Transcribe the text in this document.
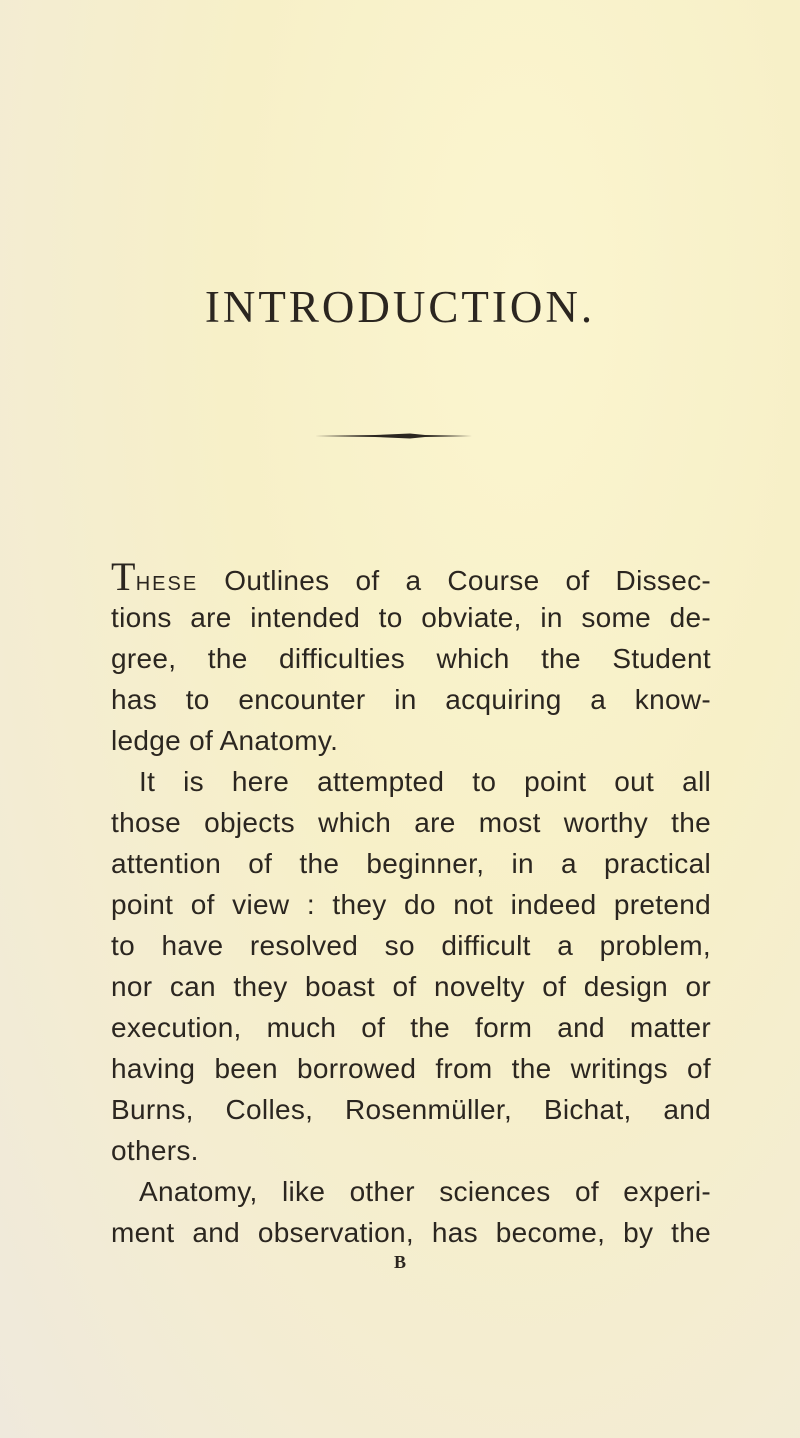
INTRODUCTION.
THESE Outlines of a Course of Dissec-
tions are intended to obviate, in some de-
gree, the difficulties which the Student
has to encounter in acquiring a know-
ledge of Anatomy.
It is here attempted to point out all
those objects which are most worthy the
attention of the beginner, in a practical
point of view : they do not indeed pretend
to have resolved so difficult a problem,
nor can they boast of novelty of design or
execution, much of the form and matter
having been borrowed from the writings of
Burns, Colles, Rosenmüller, Bichat, and
others.
Anatomy, like other sciences of experi-
ment and observation, has become, by the
B
